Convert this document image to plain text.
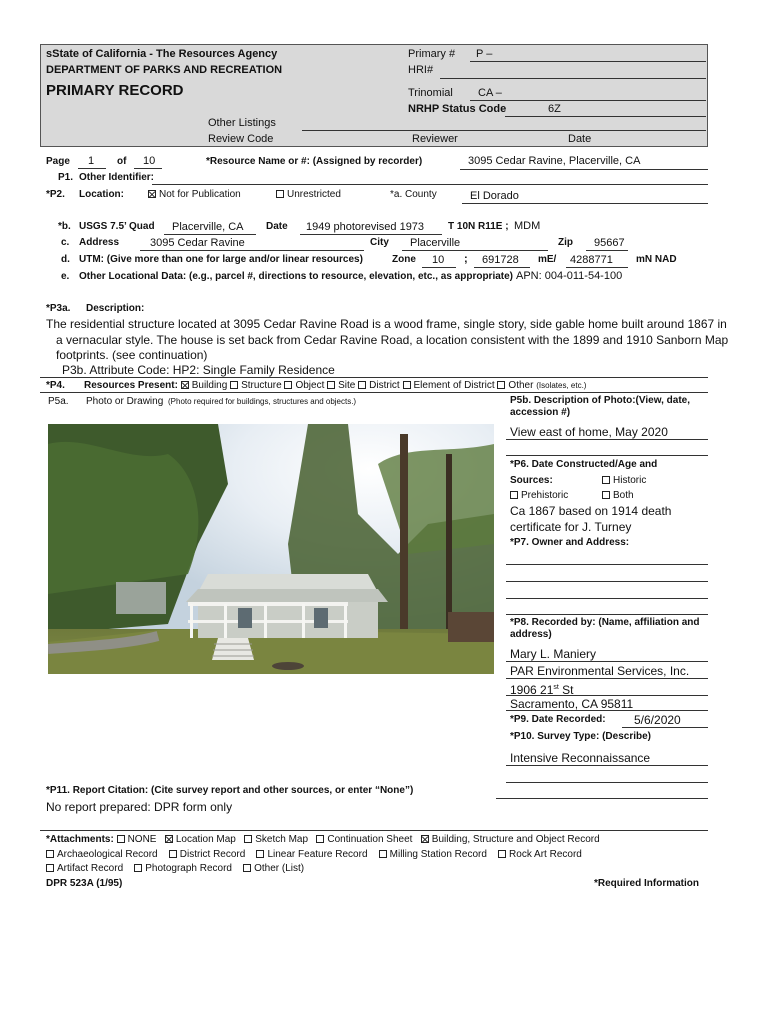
sState of California - The Resources Agency
DEPARTMENT OF PARKS AND RECREATION
PRIMARY RECORD
Primary # P –
HRI#
Trinomial CA –
NRHP Status Code	6Z
Other Listings
Review Code	Reviewer	Date
Page 1 of 10	*Resource Name or #: (Assigned by recorder)	3095 Cedar Ravine, Placerville, CA
P1. Other Identifier:
*P2. Location:	Not for Publication	Unrestricted	*a. County	El Dorado
*b. USGS 7.5’ Quad Placerville, CA Date 1949 photorevised 1973 T 10N R11E ; MDM
c. Address	3095 Cedar Ravine	City Placerville	Zip 95667
d. UTM: (Give more than one for large and/or linear resources)	Zone 10 ; 691728 mE/ 4288771 mN NAD
e. Other Locational Data: (e.g., parcel #, directions to resource, elevation, etc., as appropriate) APN: 004-011-54-100
*P3a. Description:
The residential structure located at 3095 Cedar Ravine Road is a wood frame, single story, side gable home built around 1867 in
a vernacular style. The house is set back from Cedar Ravine Road, a location consistent with the 1899 and 1910 Sanborn Map
footprints. (see continuation)
P3b. Attribute Code: HP2: Single Family Residence
*P4. Resources Present: Building Structure Object Site District Element of District Other (Isolates, etc.)
P5a. Photo or Drawing (Photo required for buildings, structures and objects.)	P5b. Description of Photo:(View, date, accession #)
View east of home, May 2020
*P6. Date Constructed/Age and
Sources:	Historic
Prehistoric	Both
Ca 1867 based on 1914 death
certificate for J. Turney
*P7. Owner and Address:
*P8. Recorded by: (Name, affiliation and address)
Mary L. Maniery
PAR Environmental Services, Inc.
1906 21st St
Sacramento, CA 95811
*P9. Date Recorded: 5/6/2020
*P10. Survey Type: (Describe)
Intensive Reconnaissance
*P11. Report Citation: (Cite survey report and other sources, or enter “None”)
No report prepared: DPR form only
*Attachments: NONE Location Map Sketch Map Continuation Sheet Building, Structure and Object Record
Archaeological Record District Record Linear Feature Record Milling Station Record Rock Art Record
Artifact Record Photograph Record Other (List)
DPR 523A (1/95)	*Required Information
